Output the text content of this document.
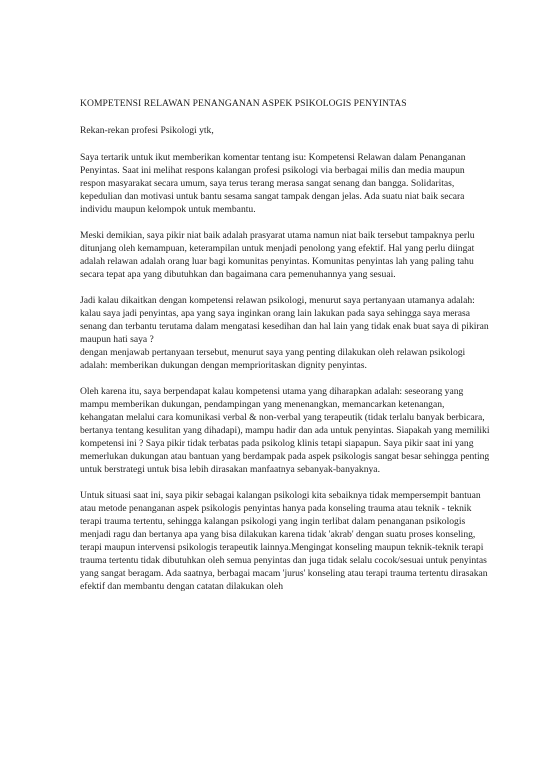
KOMPETENSI RELAWAN PENANGANAN ASPEK PSIKOLOGIS PENYINTAS
Rekan-rekan profesi Psikologi ytk,
Saya tertarik untuk ikut memberikan komentar tentang isu: Kompetensi Relawan dalam Penanganan Penyintas. Saat ini melihat respons kalangan profesi psikologi via berbagai milis dan media maupun respon masyarakat secara umum, saya terus terang merasa sangat senang dan bangga. Solidaritas, kepedulian dan motivasi untuk bantu sesama sangat tampak dengan jelas. Ada suatu niat baik secara individu maupun kelompok untuk membantu.
Meski demikian, saya pikir niat baik adalah prasyarat utama namun niat baik tersebut tampaknya perlu ditunjang oleh kemampuan, keterampilan untuk menjadi penolong yang efektif. Hal yang perlu diingat adalah relawan adalah orang luar bagi komunitas penyintas. Komunitas penyintas lah yang paling tahu secara tepat apa yang dibutuhkan dan bagaimana cara pemenuhannya yang sesuai.
Jadi kalau dikaitkan dengan kompetensi relawan psikologi, menurut saya pertanyaan utamanya adalah:
kalau saya jadi penyintas, apa yang saya inginkan orang lain lakukan pada saya sehingga saya merasa senang dan terbantu terutama dalam mengatasi kesedihan dan hal lain yang tidak enak buat saya di pikiran maupun hati saya ?
dengan menjawab pertanyaan tersebut, menurut saya yang penting dilakukan oleh relawan psikologi adalah: memberikan dukungan dengan memprioritaskan dignity penyintas.
Oleh karena itu, saya berpendapat kalau kompetensi utama yang diharapkan adalah: seseorang yang mampu memberikan dukungan, pendampingan yang menenangkan, memancarkan ketenangan, kehangatan melalui cara komunikasi verbal & non-verbal yang terapeutik (tidak terlalu banyak berbicara, bertanya tentang kesulitan yang dihadapi), mampu hadir dan ada untuk penyintas. Siapakah yang memiliki kompetensi ini ? Saya pikir tidak terbatas pada psikolog klinis tetapi siapapun. Saya pikir saat ini yang memerlukan dukungan atau bantuan yang berdampak pada aspek psikologis sangat besar sehingga penting untuk berstrategi untuk bisa lebih dirasakan manfaatnya sebanyak-banyaknya.
Untuk situasi saat ini, saya pikir sebagai kalangan psikologi kita sebaiknya tidak mempersempit bantuan atau metode penanganan aspek psikologis penyintas hanya pada konseling trauma atau teknik - teknik terapi trauma tertentu, sehingga kalangan psikologi yang ingin terlibat dalam penanganan psikologis menjadi ragu dan bertanya apa yang bisa dilakukan karena tidak 'akrab' dengan suatu proses konseling, terapi maupun intervensi psikologis terapeutik lainnya.Mengingat konseling maupun teknik-teknik terapi trauma tertentu tidak dibutuhkan oleh semua penyintas dan juga tidak selalu cocok/sesuai untuk penyintas yang sangat beragam. Ada saatnya, berbagai macam 'jurus' konseling atau terapi trauma tertentu dirasakan efektif dan membantu dengan catatan dilakukan oleh
